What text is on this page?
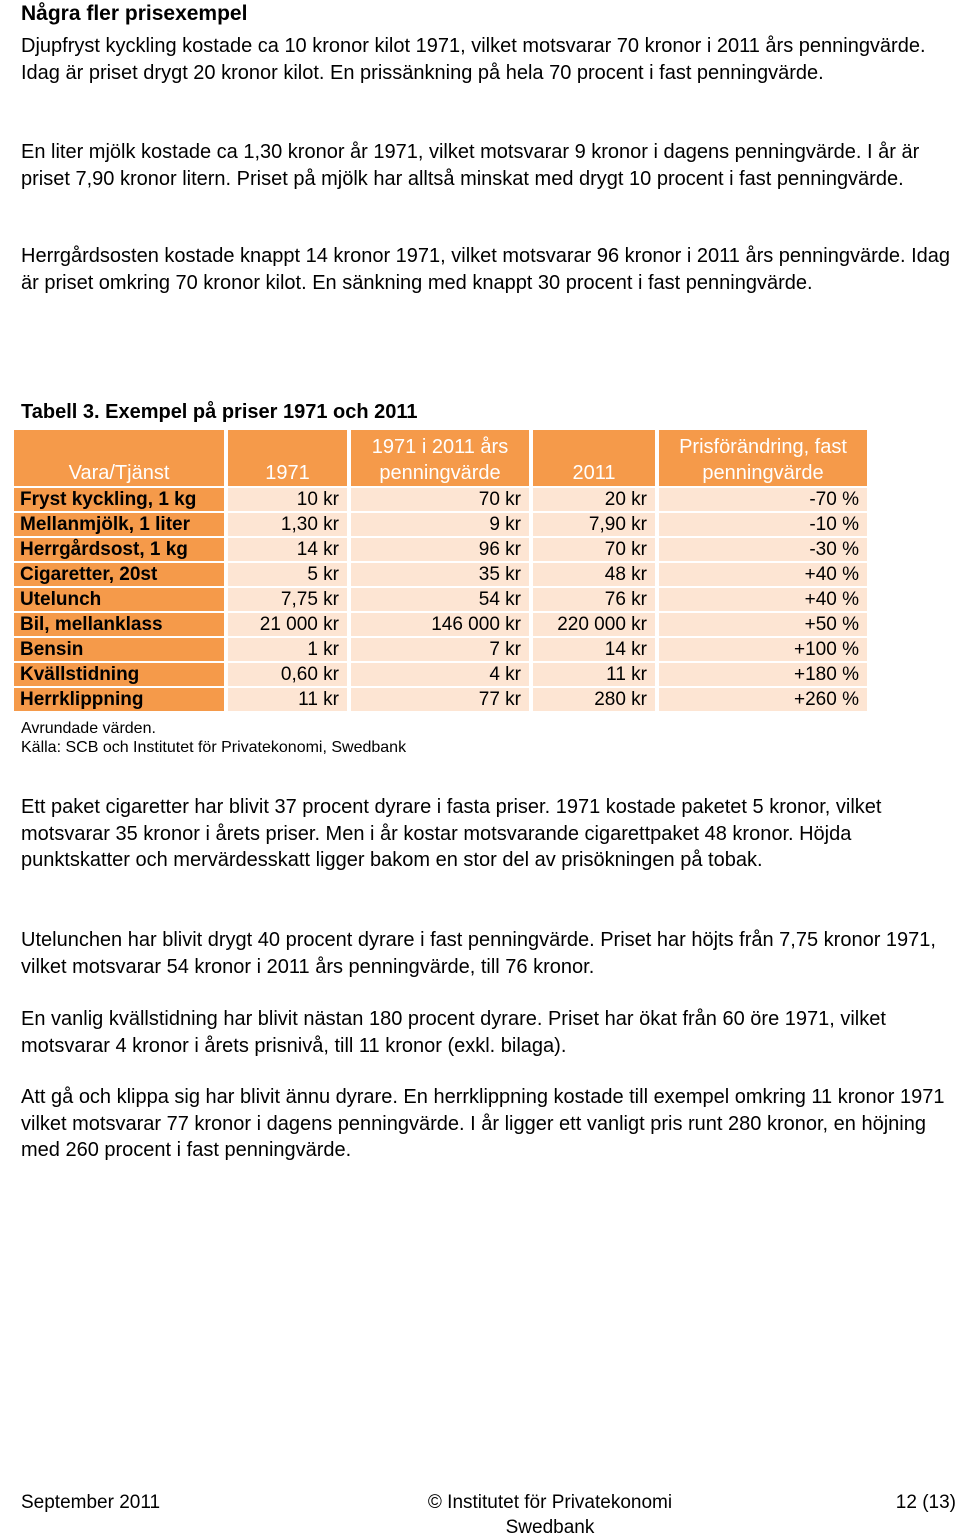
Några fler prisexempel

Djupfryst kyckling kostade ca 10 kronor kilot 1971, vilket motsvarar 70 kronor i 2011 års penningvärde. Idag är priset drygt 20 kronor kilot. En prissänkning på hela 70 procent i fast penningvärde.

En liter mjölk kostade ca 1,30 kronor år 1971, vilket motsvarar 9 kronor i dagens penningvärde. I år är priset 7,90 kronor litern. Priset på mjölk har alltså minskat med drygt 10 procent i fast penningvärde.

Herrgårdsosten kostade knappt 14 kronor 1971, vilket motsvarar 96 kronor i 2011 års penningvärde. Idag är priset omkring 70 kronor kilot. En sänkning med knappt 30 procent i fast penningvärde.

Tabell 3. Exempel på priser 1971 och 2011
Vara/Tjänst	1971	1971 i 2011 års penningvärde	2011	Prisförändring, fast penningvärde
Fryst kyckling, 1 kg	10 kr	70 kr	20 kr	-70 %
Mellanmjölk, 1 liter	1,30 kr	9 kr	7,90 kr	-10 %
Herrgårdsost, 1 kg	14 kr	96 kr	70 kr	-30 %
Cigaretter, 20st	5 kr	35 kr	48 kr	+40 %
Utelunch	7,75 kr	54 kr	76 kr	+40 %
Bil, mellanklass	21 000 kr	146 000 kr	220 000 kr	+50 %
Bensin	1 kr	7 kr	14 kr	+100 %
Kvällstidning	0,60 kr	4 kr	11 kr	+180 %
Herrklippning	11 kr	77 kr	280 kr	+260 %
Avrundade värden.
Källa: SCB och Institutet för Privatekonomi, Swedbank

Ett paket cigaretter har blivit 37 procent dyrare i fasta priser. 1971 kostade paketet 5 kronor, vilket motsvarar 35 kronor i årets priser. Men i år kostar motsvarande cigarettpaket 48 kronor. Höjda punktskatter och mervärdesskatt ligger bakom en stor del av prisökningen på tobak.

Utelunchen har blivit drygt 40 procent dyrare i fast penningvärde. Priset har höjts från 7,75 kronor 1971, vilket motsvarar 54 kronor i 2011 års penningvärde, till 76 kronor.

En vanlig kvällstidning har blivit nästan 180 procent dyrare. Priset har ökat från 60 öre 1971, vilket motsvarar 4 kronor i årets prisnivå, till 11 kronor (exkl. bilaga).

Att gå och klippa sig har blivit ännu dyrare. En herrklippning kostade till exempel omkring 11 kronor 1971 vilket motsvarar 77 kronor i dagens penningvärde. I år ligger ett vanligt pris runt 280 kronor, en höjning med 260 procent i fast penningvärde.

September 2011	© Institutet för Privatekonomi Swedbank
12 (13)
